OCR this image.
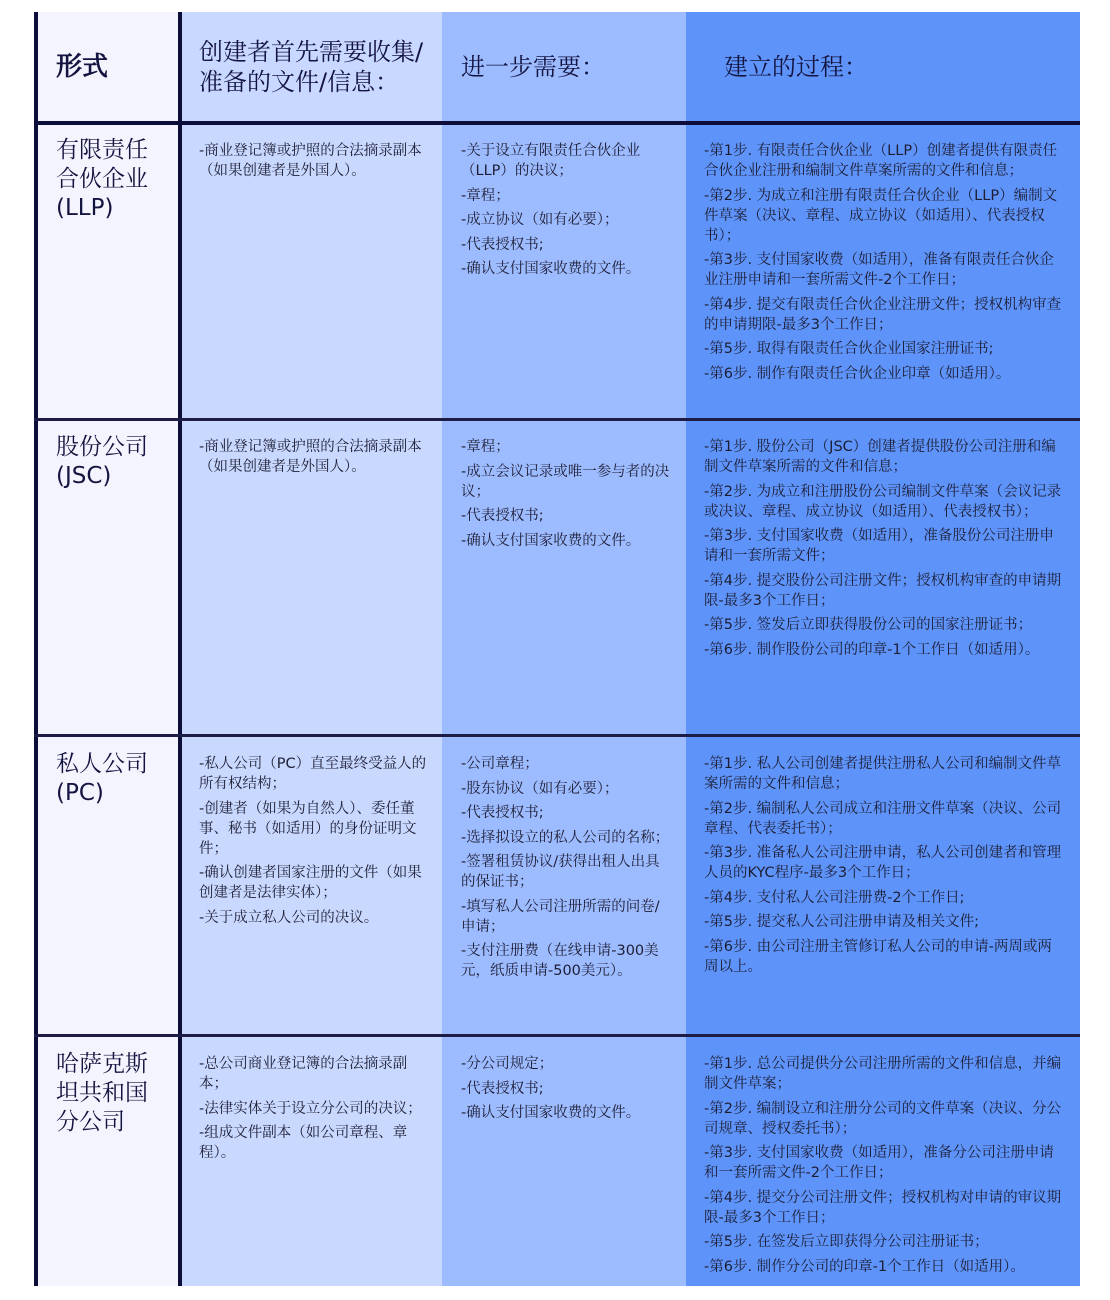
形式	创建者首先需要收集/准备的文件/信息：
进一步需要：	建立的过程：
有限责任合伙企业(LLP)
-商业登记簿或护照的合法摘录副本（如果创建者是外国人）。
-关于设立有限责任合伙企业（LLP）的决议；
-章程；
-成立协议（如有必要）；
-代表授权书;
-确认支付国家收费的文件。
-第1步. 有限责任合伙企业（LLP）创建者提供有限责任合伙企业注册和编制文件草案所需的文件和信息；
-第2步. 为成立和注册有限责任合伙企业（LLP）编制文件草案（决议、章程、成立协议（如适用）、代表授权书）；
-第3步. 支付国家收费（如适用），准备有限责任合伙企业注册申请和一套所需文件-2个工作日；
-第4步. 提交有限责任合伙企业注册文件；授权机构审查的申请期限-最多3个工作日；
-第5步. 取得有限责任合伙企业国家注册证书;
-第6步. 制作有限责任合伙企业印章（如适用）。
股份公司(JSC)
-商业登记簿或护照的合法摘录副本（如果创建者是外国人）。
-章程；
-成立会议记录或唯一参与者的决议；
-代表授权书;
-确认支付国家收费的文件。
-第1步. 股份公司（JSC）创建者提供股份公司注册和编制文件草案所需的文件和信息；
-第2步. 为成立和注册股份公司编制文件草案（会议记录或决议、章程、成立协议（如适用）、代表授权书）；
-第3步. 支付国家收费（如适用），准备股份公司注册申请和一套所需文件；
-第4步. 提交股份公司注册文件；授权机构审查的申请期限-最多3个工作日；
-第5步. 签发后立即获得股份公司的国家注册证书；
-第6步. 制作股份公司的印章-1个工作日（如适用）。
私人公司(PC)
-私人公司（PC）直至最终受益人的所有权结构；
-创建者（如果为自然人）、委任董事、秘书（如适用）的身份证明文件；
-确认创建者国家注册的文件（如果创建者是法律实体）；
-关于成立私人公司的决议。
-公司章程；
-股东协议（如有必要）；
-代表授权书;
-选择拟设立的私人公司的名称；
-签署租赁协议/获得出租人出具的保证书；
-填写私人公司注册所需的问卷/申请；
-支付注册费（在线申请-300美元，纸质申请-500美元）。
-第1步. 私人公司创建者提供注册私人公司和编制文件草案所需的文件和信息；
-第2步. 编制私人公司成立和注册文件草案（决议、公司章程、代表委托书）；
-第3步. 准备私人公司注册申请，私人公司创建者和管理人员的KYC程序-最多3个工作日；
-第4步. 支付私人公司注册费-2个工作日;
-第5步. 提交私人公司注册申请及相关文件;
-第6步. 由公司注册主管修订私人公司的申请-两周或两周以上。
哈萨克斯坦共和国分公司
-总公司商业登记簿的合法摘录副本；
-法律实体关于设立分公司的决议；
-组成文件副本（如公司章程、章程）。
-分公司规定；
-代表授权书;
-确认支付国家收费的文件。
-第1步. 总公司提供分公司注册所需的文件和信息，并编制文件草案；
-第2步. 编制设立和注册分公司的文件草案（决议、分公司规章、授权委托书）；
-第3步. 支付国家收费（如适用），准备分公司注册申请和一套所需文件-2个工作日；
-第4步. 提交分公司注册文件；授权机构对申请的审议期限-最多3个工作日；
-第5步. 在签发后立即获得分公司注册证书；
-第6步. 制作分公司的印章-1个工作日（如适用）。
